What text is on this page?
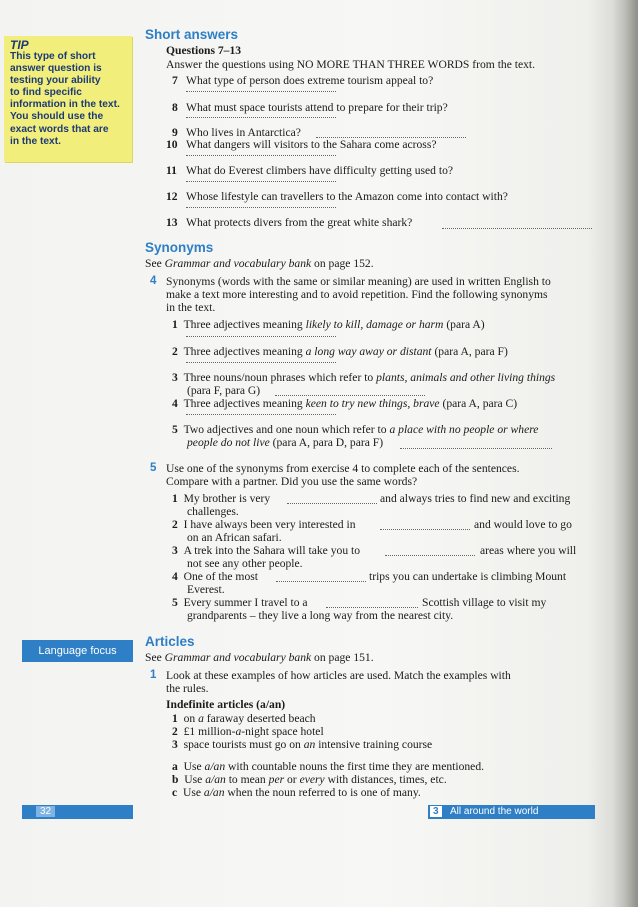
TIP
This type of short
answer question is
testing your ability
to find specific
information in the text.
You should use the
exact words that are
in the text.
Short answers
Questions 7–13
Answer the questions using NO MORE THAN THREE WORDS from the text.
7 What type of person does extreme tourism appeal to?
8 What must space tourists attend to prepare for their trip?
9 Who lives in Antarctica?
10 What dangers will visitors to the Sahara come across?
11 What do Everest climbers have difficulty getting used to?
12 Whose lifestyle can travellers to the Amazon come into contact with?
13 What protects divers from the great white shark?
Synonyms
See Grammar and vocabulary bank on page 152.
4 Synonyms (words with the same or similar meaning) are used in written English to
make a text more interesting and to avoid repetition. Find the following synonyms
in the text.
1 Three adjectives meaning likely to kill, damage or harm (para A)
2 Three adjectives meaning a long way away or distant (para A, para F)
3 Three nouns/noun phrases which refer to plants, animals and other living things
(para F, para G)
4 Three adjectives meaning keen to try new things, brave (para A, para C)
5 Two adjectives and one noun which refer to a place with no people or where
people do not live (para A, para D, para F)
5 Use one of the synonyms from exercise 4 to complete each of the sentences.
Compare with a partner. Did you use the same words?
1 My brother is very	and always tries to find new and exciting
challenges.
2 I have always been very interested in	and would love to go
on an African safari.
3 A trek into the Sahara will take you to	areas where you will
not see any other people.
4 One of the most	trips you can undertake is climbing Mount
Everest.
5 Every summer I travel to a	Scottish village to visit my
grandparents – they live a long way from the nearest city.
Language focus
Articles
See Grammar and vocabulary bank on page 151.
1 Look at these examples of how articles are used. Match the examples with
the rules.
Indefinite articles (a/an)
1 on a faraway deserted beach
2 £1 million-a-night space hotel
3 space tourists must go on an intensive training course
a Use a/an with countable nouns the first time they are mentioned.
b Use a/an to mean per or every with distances, times, etc.
c Use a/an when the noun referred to is one of many.
32	3	All around the world
